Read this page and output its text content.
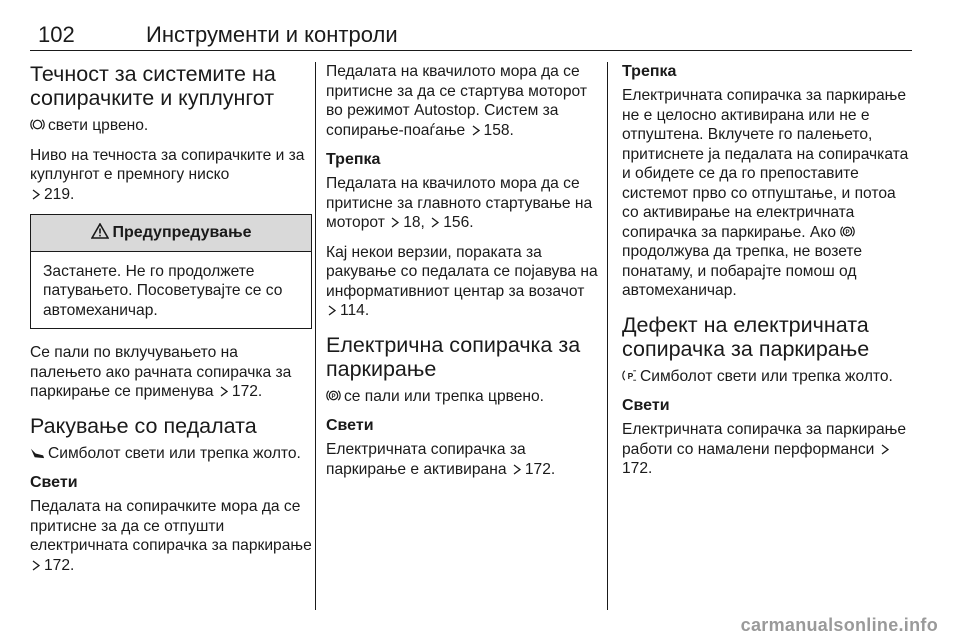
102	Инструменти и контроли
Течност за системите на сопирачките и куплунгот

свети црвено.

Ниво на течноста за сопирачките и за куплунгот е премногу ниско
219.

Предупредување
Застанете. Не го продолжете патувањето. Посоветувајте се со автомеханичар.

Се пали по вклучувањето на палењето ако рачната сопирачка за паркирање се применува 172.

Ракување со педалата

Симболот свети или трепка жолто.

Свети

Педалата на сопирачките мора да се притисне за да се отпушти електричната сопирачка за паркирање 172.

Педалата на квачилото мора да се притисне за да се стартува моторот во режимот Autostop. Систем за сопирање-поаѓање 158.

Трепка

Педалата на квачилото мора да се притисне за главното стартување на моторот 18, 156.

Кај некои верзии, пораката за ракување со педалата се појавува на информативниот центар за возачот 114.

Електрична сопирачка за паркирање

P се пали или трепка црвено.

Свети

Електричната сопирачка за паркирање е активирана 172.

Трепка

Електричната сопирачка за паркирање не е целосно активирана или не е отпуштена. Вклучете го палењето, притиснете ја педалата на сопирачката и обидете се да го препоставите системот прво со отпуштање, и потоа со активирање на електричната сопирачка за паркирање. Ако P
продолжува да трепка, не возете понатаму, и побарајте помош од автомеханичар.

Дефект на електричната сопирачка за паркирање

P Симболот свети или трепка жолто.

Свети

Електричната сопирачка за паркирање работи со намалени перформанси 172.

carmanualsonline.info
